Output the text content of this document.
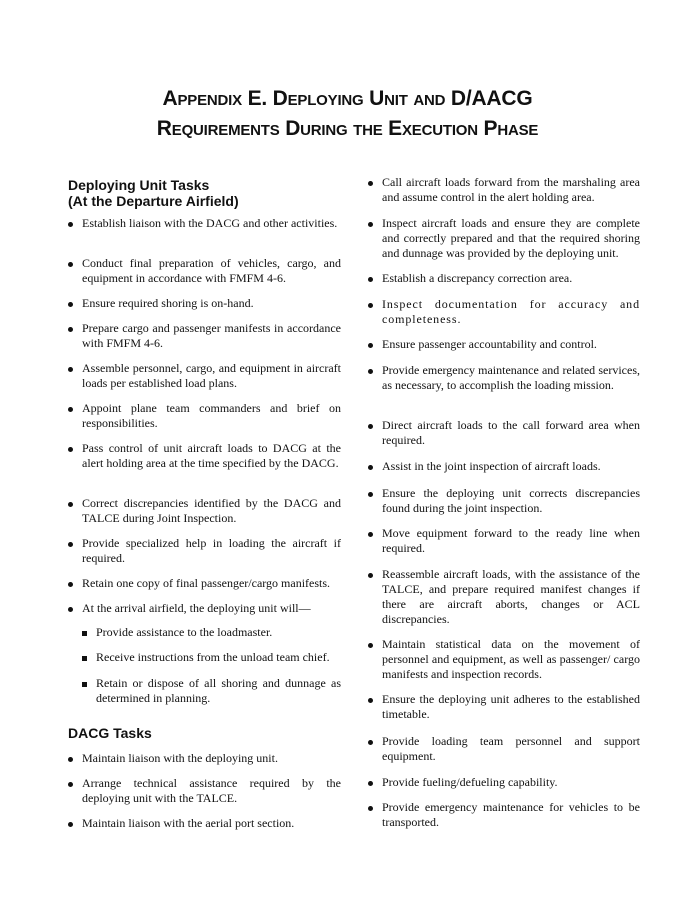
Appendix E. Deploying Unit and D/AACG
Requirements During the Execution Phase
Deploying Unit Tasks
(At the Departure Airfield)
Establish liaison with the DACG and other activities.
Conduct final preparation of vehicles, cargo, and equipment in accordance with FMFM 4-6.
Ensure required shoring is on-hand.
Prepare cargo and passenger manifests in accordance with FMFM 4-6.
Assemble personnel, cargo, and equipment in aircraft loads per established load plans.
Appoint plane team commanders and brief on responsibilities.
Pass control of unit aircraft loads to DACG at the alert holding area at the time specified by the DACG.
Correct discrepancies identified by the DACG and TALCE during Joint Inspection.
Provide specialized help in loading the aircraft if required.
Retain one copy of final passenger/cargo manifests.
At the arrival airfield, the deploying unit will—
Provide assistance to the loadmaster.
Receive instructions from the unload team chief.
Retain or dispose of all shoring and dunnage as determined in planning.
DACG Tasks
Maintain liaison with the deploying unit.
Arrange technical assistance required by the deploying unit with the TALCE.
Maintain liaison with the aerial port section.
Call aircraft loads forward from the marshaling area and assume control in the alert holding area.
Inspect aircraft loads and ensure they are complete and correctly prepared and that the required shoring and dunnage was provided by the deploying unit.
Establish a discrepancy correction area.
Inspect documentation for accuracy and completeness.
Ensure passenger accountability and control.
Provide emergency maintenance and related services, as necessary, to accomplish the loading mission.
Direct aircraft loads to the call forward area when required.
Assist in the joint inspection of aircraft loads.
Ensure the deploying unit corrects discrepancies found during the joint inspection.
Move equipment forward to the ready line when required.
Reassemble aircraft loads, with the assistance of the TALCE, and prepare required manifest changes if there are aircraft aborts, changes or ACL discrepancies.
Maintain statistical data on the movement of personnel and equipment, as well as passenger/ cargo manifests and inspection records.
Ensure the deploying unit adheres to the established timetable.
Provide loading team personnel and support equipment.
Provide fueling/defueling capability.
Provide emergency maintenance for vehicles to be transported.
